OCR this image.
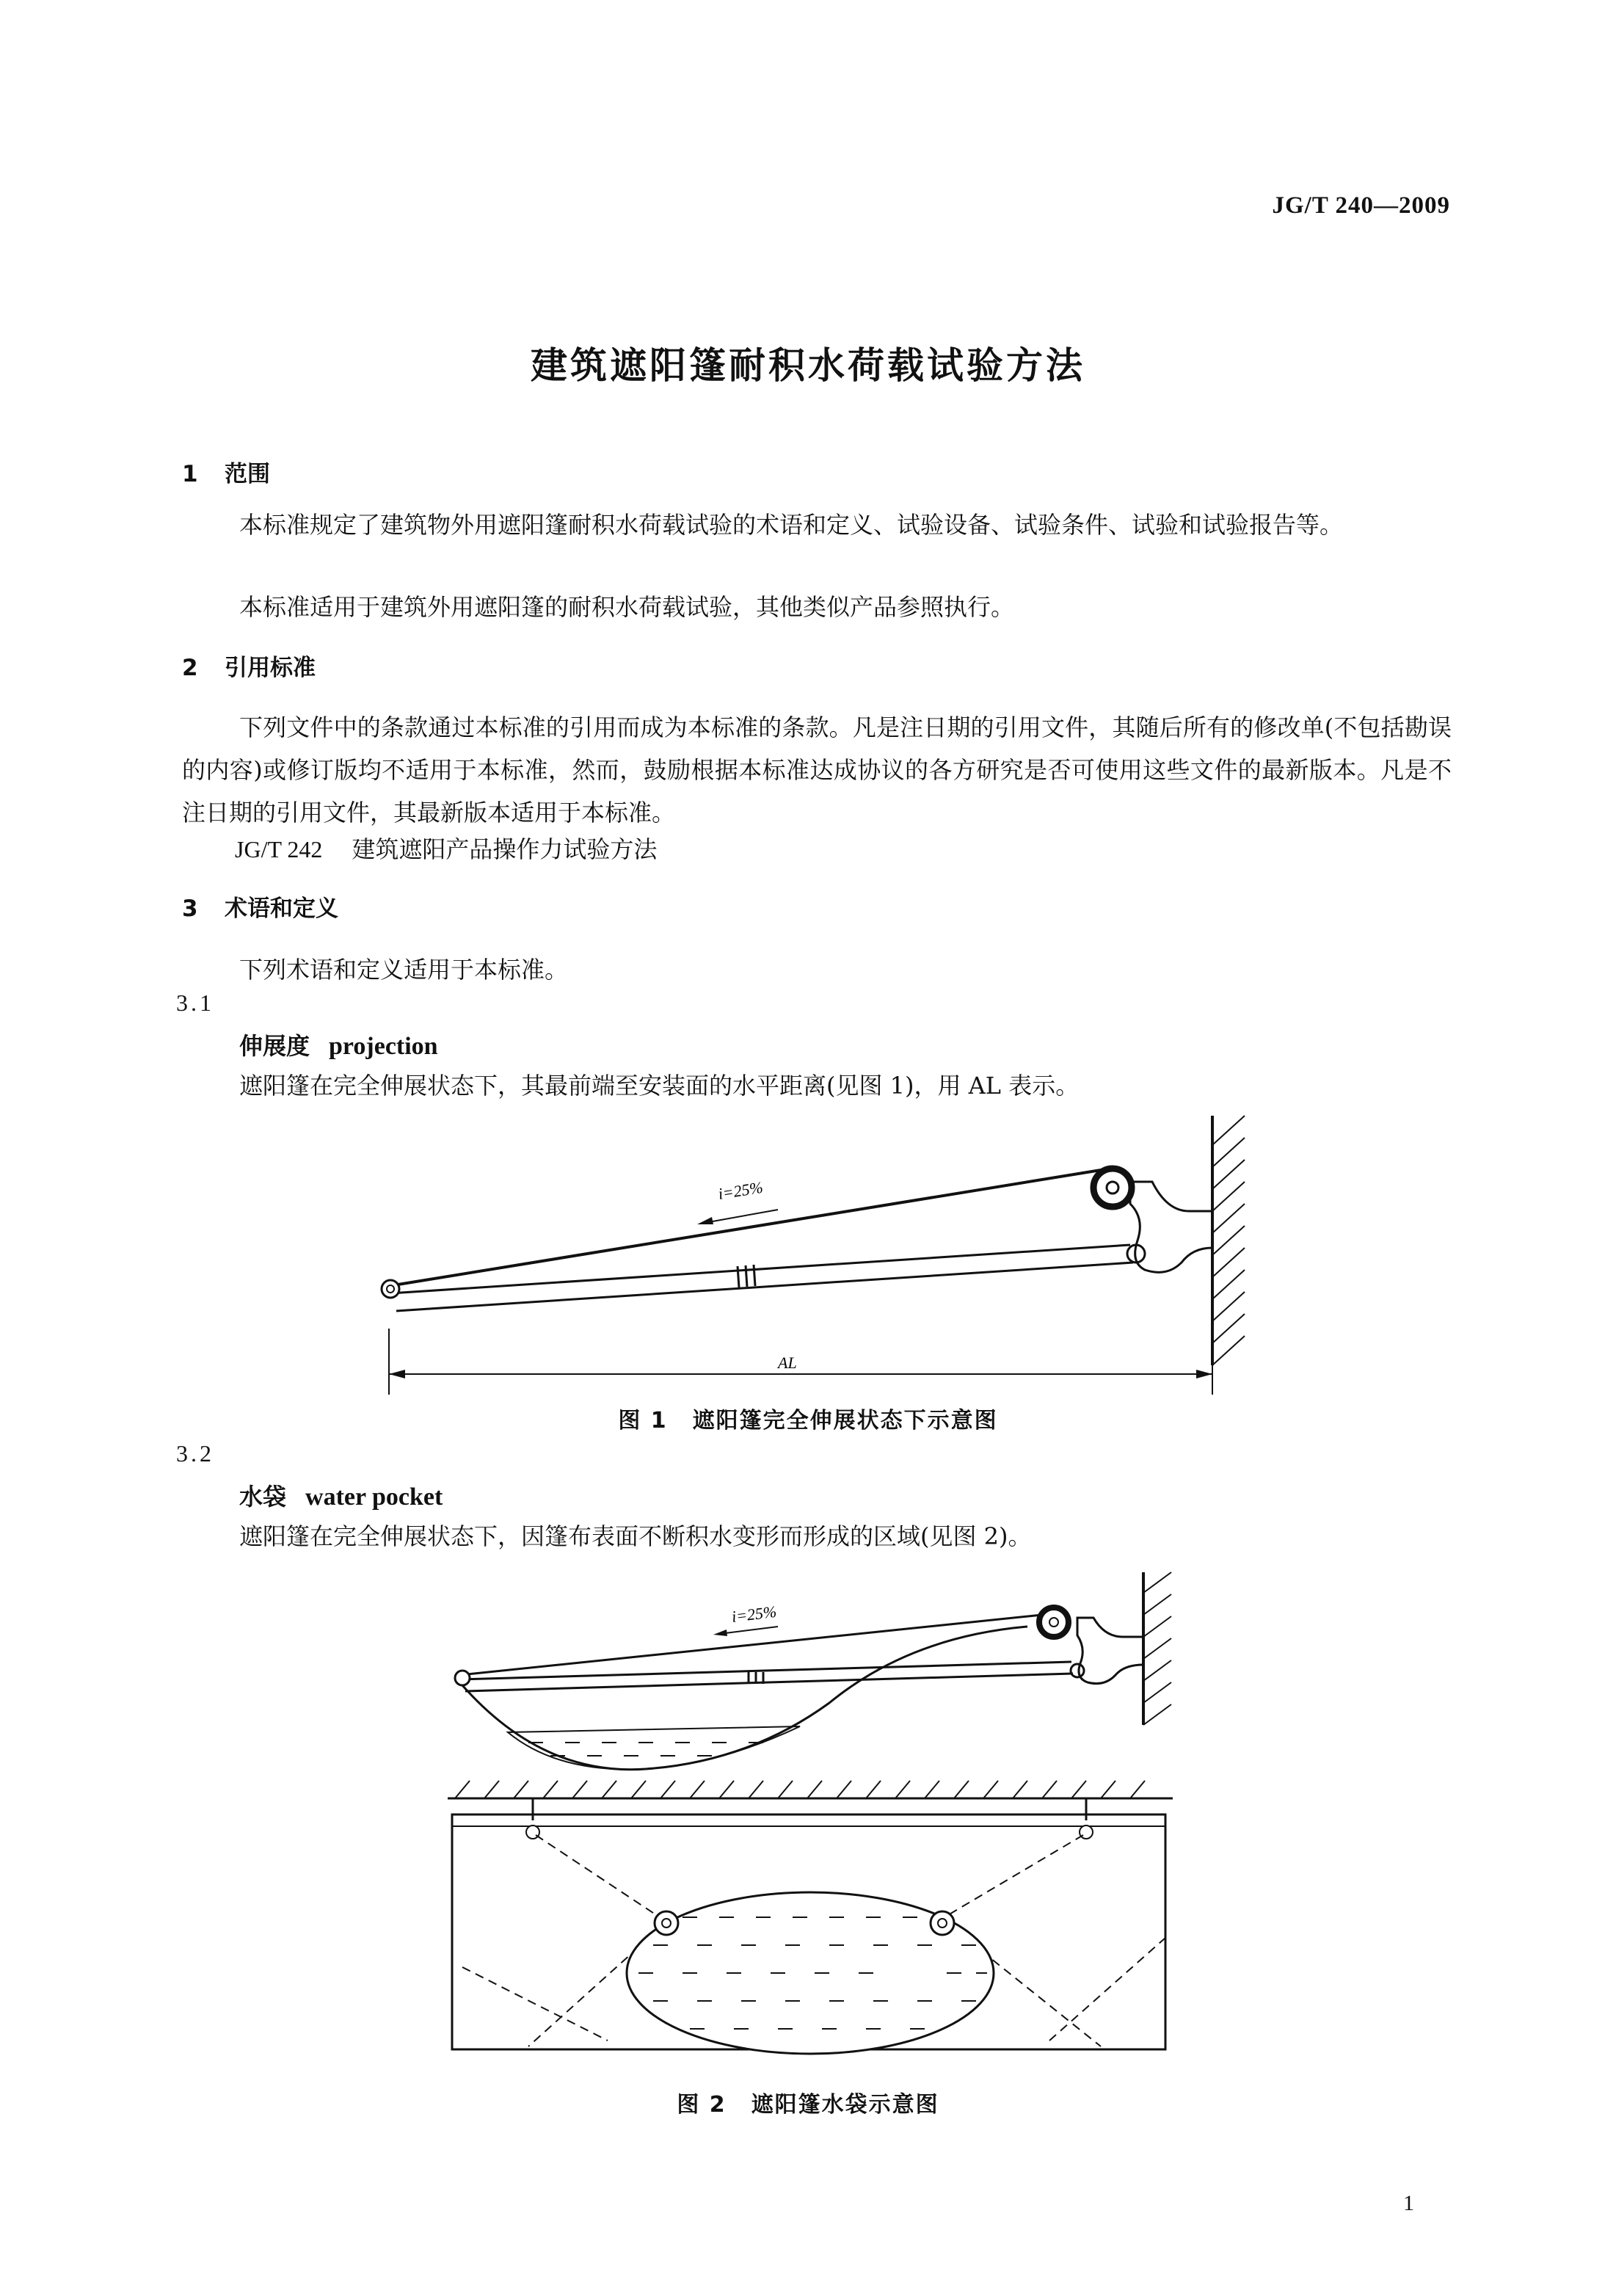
JG/T 240—2009
建筑遮阳篷耐积水荷载试验方法
1 范围
本标准规定了建筑物外用遮阳篷耐积水荷载试验的术语和定义、试验设备、试验条件、试验和试验报告等。
本标准适用于建筑外用遮阳篷的耐积水荷载试验，其他类似产品参照执行。
2 引用标准
下列文件中的条款通过本标准的引用而成为本标准的条款。凡是注日期的引用文件，其随后所有的修改单(不包括勘误的内容)或修订版均不适用于本标准，然而，鼓励根据本标准达成协议的各方研究是否可使用这些文件的最新版本。凡是不注日期的引用文件，其最新版本适用于本标准。
JG/T 242 建筑遮阳产品操作力试验方法
3 术语和定义
下列术语和定义适用于本标准。
3.1
伸展度 projection
遮阳篷在完全伸展状态下，其最前端至安装面的水平距离(见图 1)，用 AL 表示。
i=25%
AL
图 1 遮阳篷完全伸展状态下示意图
3.2
水袋 water pocket
遮阳篷在完全伸展状态下，因篷布表面不断积水变形而形成的区域(见图 2)。
i=25%
图 2 遮阳篷水袋示意图
1
